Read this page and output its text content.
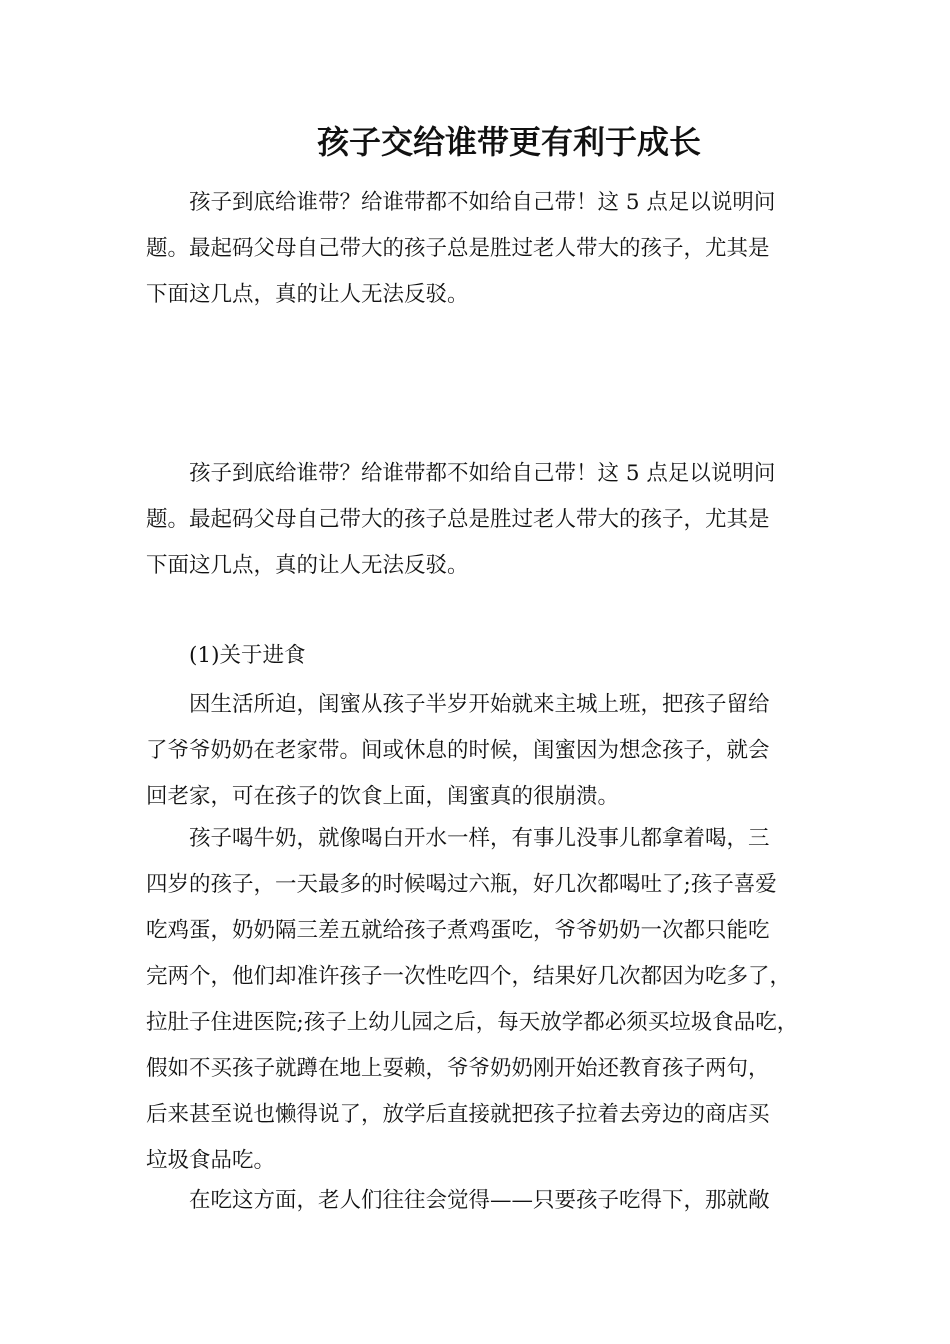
孩子交给谁带更有利于成长
孩子到底给谁带？给谁带都不如给自己带！这 5 点足以说明问
题。最起码父母自己带大的孩子总是胜过老人带大的孩子，尤其是
下面这几点，真的让人无法反驳。
孩子到底给谁带？给谁带都不如给自己带！这 5 点足以说明问
题。最起码父母自己带大的孩子总是胜过老人带大的孩子，尤其是
下面这几点，真的让人无法反驳。
(1)关于进食
因生活所迫，闺蜜从孩子半岁开始就来主城上班，把孩子留给
了爷爷奶奶在老家带。间或休息的时候，闺蜜因为想念孩子，就会
回老家，可在孩子的饮食上面，闺蜜真的很崩溃。
孩子喝牛奶，就像喝白开水一样，有事儿没事儿都拿着喝，三
四岁的孩子，一天最多的时候喝过六瓶，好几次都喝吐了;孩子喜爱
吃鸡蛋，奶奶隔三差五就给孩子煮鸡蛋吃，爷爷奶奶一次都只能吃
完两个，他们却准许孩子一次性吃四个，结果好几次都因为吃多了，
拉肚子住进医院;孩子上幼儿园之后，每天放学都必须买垃圾食品吃，
假如不买孩子就蹲在地上耍赖，爷爷奶奶刚开始还教育孩子两句，
后来甚至说也懒得说了，放学后直接就把孩子拉着去旁边的商店买
垃圾食品吃。
在吃这方面，老人们往往会觉得——只要孩子吃得下，那就敞
